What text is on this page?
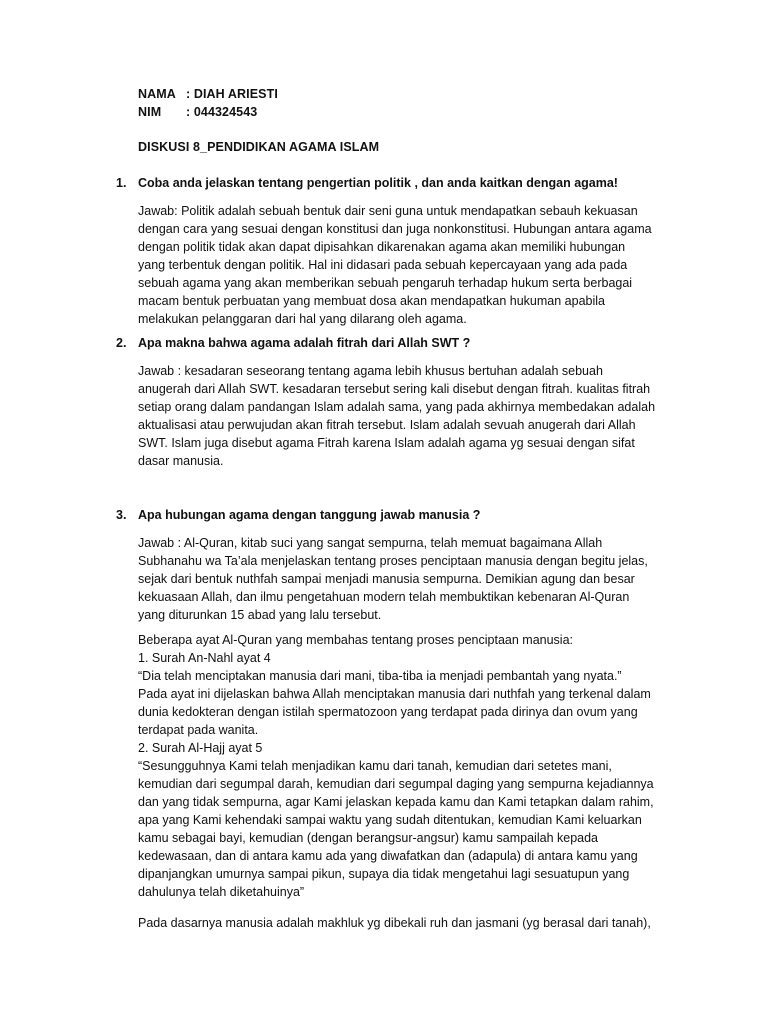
NAMA : DIAH ARIESTI
NIM : 044324543
DISKUSI 8_PENDIDIKAN AGAMA ISLAM
1. Coba anda jelaskan tentang pengertian politik , dan anda kaitkan dengan agama!
Jawab: Politik adalah sebuah bentuk dair seni guna untuk mendapatkan sebauh kekuasan
dengan cara yang sesuai dengan konstitusi dan juga nonkonstitusi. Hubungan antara agama
dengan politik tidak akan dapat dipisahkan dikarenakan agama akan memiliki hubungan
yang terbentuk dengan politik. Hal ini didasari pada sebuah kepercayaan yang ada pada
sebuah agama yang akan memberikan sebuah pengaruh terhadap hukum serta berbagai
macam bentuk perbuatan yang membuat dosa akan mendapatkan hukuman apabila
melakukan pelanggaran dari hal yang dilarang oleh agama.
2. Apa makna bahwa agama adalah fitrah dari Allah SWT ?
Jawab : kesadaran seseorang tentang agama lebih khusus bertuhan adalah sebuah
anugerah dari Allah SWT. kesadaran tersebut sering kali disebut dengan fitrah. kualitas fitrah
setiap orang dalam pandangan Islam adalah sama, yang pada akhirnya membedakan adalah
aktualisasi atau perwujudan akan fitrah tersebut. Islam adalah sevuah anugerah dari Allah
SWT. Islam juga disebut agama Fitrah karena Islam adalah agama yg sesuai dengan sifat
dasar manusia.
3. Apa hubungan agama dengan tanggung jawab manusia ?
Jawab : Al-Quran, kitab suci yang sangat sempurna, telah memuat bagaimana Allah
Subhanahu wa Ta’ala menjelaskan tentang proses penciptaan manusia dengan begitu jelas,
sejak dari bentuk nuthfah sampai menjadi manusia sempurna. Demikian agung dan besar
kekuasaan Allah, dan ilmu pengetahuan modern telah membuktikan kebenaran Al-Quran
yang diturunkan 15 abad yang lalu tersebut.
Beberapa ayat Al-Quran yang membahas tentang proses penciptaan manusia:
1. Surah An-Nahl ayat 4
“Dia telah menciptakan manusia dari mani, tiba-tiba ia menjadi pembantah yang nyata.”
Pada ayat ini dijelaskan bahwa Allah menciptakan manusia dari nuthfah yang terkenal dalam
dunia kedokteran dengan istilah spermatozoon yang terdapat pada dirinya dan ovum yang
terdapat pada wanita.
2. Surah Al-Hajj ayat 5
“Sesungguhnya Kami telah menjadikan kamu dari tanah, kemudian dari setetes mani,
kemudian dari segumpal darah, kemudian dari segumpal daging yang sempurna kejadiannya
dan yang tidak sempurna, agar Kami jelaskan kepada kamu dan Kami tetapkan dalam rahim,
apa yang Kami kehendaki sampai waktu yang sudah ditentukan, kemudian Kami keluarkan
kamu sebagai bayi, kemudian (dengan berangsur-angsur) kamu sampailah kepada
kedewasaan, dan di antara kamu ada yang diwafatkan dan (adapula) di antara kamu yang
dipanjangkan umurnya sampai pikun, supaya dia tidak mengetahui lagi sesuatupun yang
dahulunya telah diketahuinya”
Pada dasarnya manusia adalah makhluk yg dibekali ruh dan jasmani (yg berasal dari tanah),
